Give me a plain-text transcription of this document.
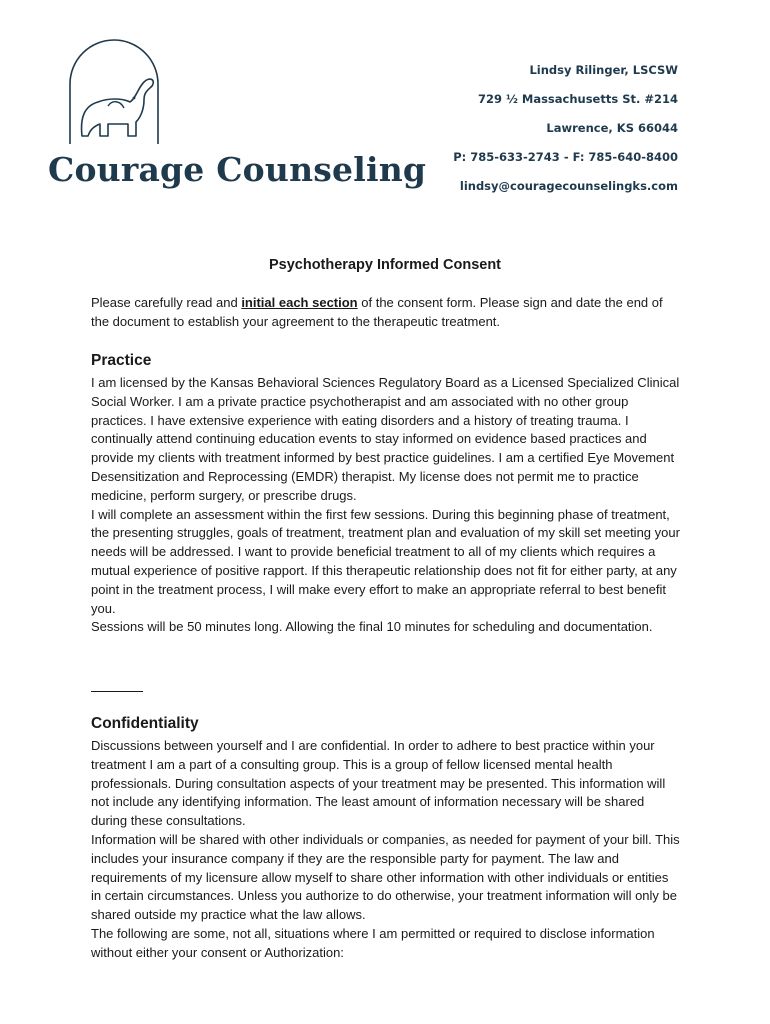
Courage Counseling
Lindsy Rilinger, LSCSW
729 ½ Massachusetts St. #214
Lawrence, KS 66044
P: 785-633-2743 - F: 785-640-8400
lindsy@couragecounselingks.com
Psychotherapy Informed Consent
Please carefully read and initial each section of the consent form. Please sign and date the end of the document to establish your agreement to the therapeutic treatment.
Practice

I am licensed by the Kansas Behavioral Sciences Regulatory Board as a Licensed Specialized Clinical Social Worker. I am a private practice psychotherapist and am associated with no other group practices. I have extensive experience with eating disorders and a history of treating trauma. I continually attend continuing education events to stay informed on evidence based practices and provide my clients with treatment informed by best practice guidelines. I am a certified Eye Movement Desensitization and Reprocessing (EMDR) therapist. My license does not permit me to practice medicine, perform surgery, or prescribe drugs.

I will complete an assessment within the first few sessions. During this beginning phase of treatment, the presenting struggles, goals of treatment, treatment plan and evaluation of my skill set meeting your needs will be addressed. I want to provide beneficial treatment to all of my clients which requires a mutual experience of positive rapport. If this therapeutic relationship does not fit for either party, at any point in the treatment process, I will make every effort to make an appropriate referral to best benefit you.

Sessions will be 50 minutes long. Allowing the final 10 minutes for scheduling and documentation.

Confidentiality

Discussions between yourself and I are confidential. In order to adhere to best practice within your treatment I am a part of a consulting group. This is a group of fellow licensed mental health professionals. During consultation aspects of your treatment may be presented. This information will not include any identifying information. The least amount of information necessary will be shared during these consultations.

Information will be shared with other individuals or companies, as needed for payment of your bill. This includes your insurance company if they are the responsible party for payment. The law and requirements of my licensure allow myself to share other information with other individuals or entities in certain circumstances. Unless you authorize to do otherwise, your treatment information will only be shared outside my practice what the law allows.

The following are some, not all, situations where I am permitted or required to disclose information without either your consent or Authorization:
